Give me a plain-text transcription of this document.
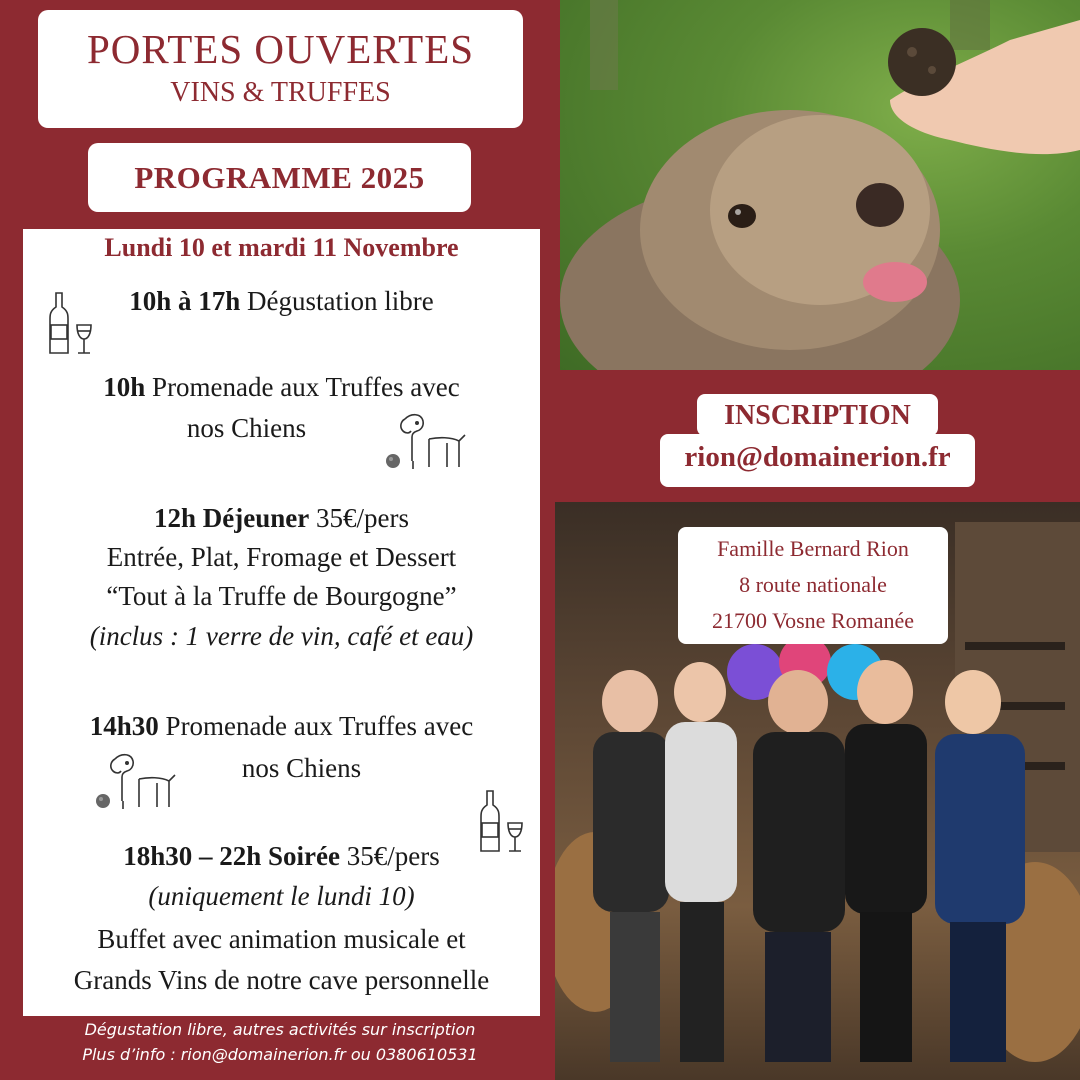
PORTES OUVERTES
VINS & TRUFFES
PROGRAMME 2025
Lundi 10 et mardi 11 Novembre
10h à 17h Dégustation libre
10h Promenade aux Truffes avec
nos Chiens
12h Déjeuner 35€/pers
Entrée, Plat, Fromage et Dessert
“Tout à la Truffe de Bourgogne”
(inclus : 1 verre de vin, café et eau)
14h30 Promenade aux Truffes avec
nos Chiens
18h30 – 22h Soirée 35€/pers
(uniquement le lundi 10)
Buffet avec animation musicale et
Grands Vins de notre cave personnelle
Dégustation libre, autres activités sur inscription
Plus d’info : rion@domainerion.fr ou 0380610531
INSCRIPTION
rion@domainerion.fr
Famille Bernard Rion
8 route nationale
21700 Vosne Romanée
